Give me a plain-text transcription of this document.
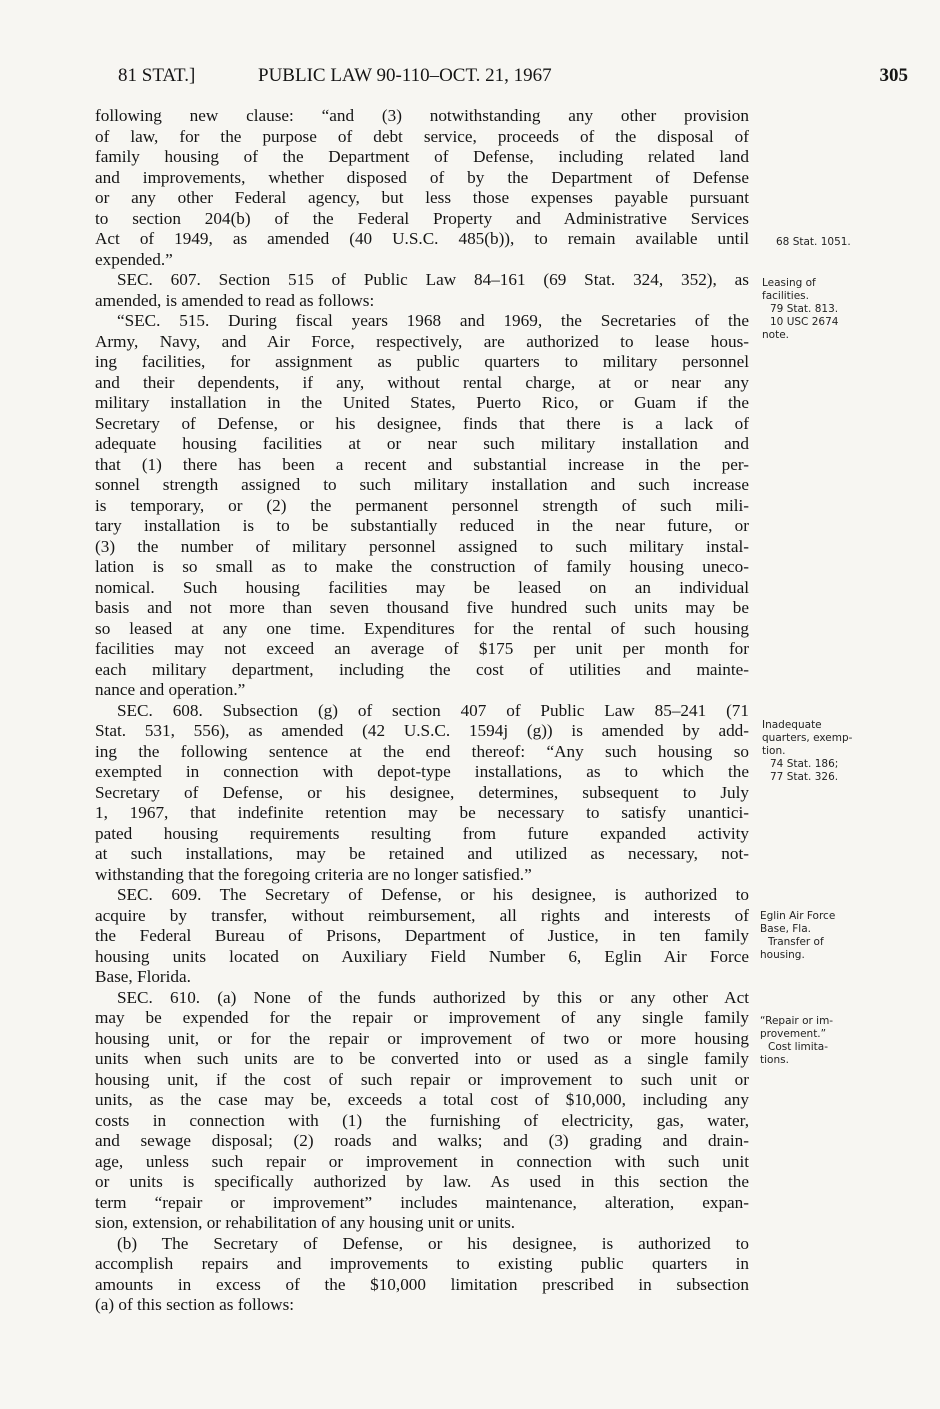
81 STAT.]	PUBLIC LAW 90-110–OCT. 21, 1967	305
following new clause: “and (3) notwithstanding any other provision
of law, for the purpose of debt service, proceeds of the disposal of
family housing of the Department of Defense, including related land
and improvements, whether disposed of by the Department of Defense
or any other Federal agency, but less those expenses payable pursuant
to section 204(b) of the Federal Property and Administrative Services
Act of 1949, as amended (40 U.S.C. 485(b)), to remain available until
expended.”
SEC. 607. Section 515 of Public Law 84–161 (69 Stat. 324, 352), as
amended, is amended to read as follows:
“SEC. 515. During fiscal years 1968 and 1969, the Secretaries of the
Army, Navy, and Air Force, respectively, are authorized to lease hous-
ing facilities, for assignment as public quarters to military personnel
and their dependents, if any, without rental charge, at or near any
military installation in the United States, Puerto Rico, or Guam if the
Secretary of Defense, or his designee, finds that there is a lack of
adequate housing facilities at or near such military installation and
that (1) there has been a recent and substantial increase in the per-
sonnel strength assigned to such military installation and such increase
is temporary, or (2) the permanent personnel strength of such mili-
tary installation is to be substantially reduced in the near future, or
(3) the number of military personnel assigned to such military instal-
lation is so small as to make the construction of family housing uneco-
nomical. Such housing facilities may be leased on an individual
basis and not more than seven thousand five hundred such units may be
so leased at any one time. Expenditures for the rental of such housing
facilities may not exceed an average of $175 per unit per month for
each military department, including the cost of utilities and mainte-
nance and operation.”
SEC. 608. Subsection (g) of section 407 of Public Law 85–241 (71
Stat. 531, 556), as amended (42 U.S.C. 1594j (g)) is amended by add-
ing the following sentence at the end thereof: “Any such housing so
exempted in connection with depot-type installations, as to which the
Secretary of Defense, or his designee, determines, subsequent to July
1, 1967, that indefinite retention may be necessary to satisfy unantici-
pated housing requirements resulting from future expanded activity
at such installations, may be retained and utilized as necessary, not-
withstanding that the foregoing criteria are no longer satisfied.”
SEC. 609. The Secretary of Defense, or his designee, is authorized to
acquire by transfer, without reimbursement, all rights and interests of
the Federal Bureau of Prisons, Department of Justice, in ten family
housing units located on Auxiliary Field Number 6, Eglin Air Force
Base, Florida.
SEC. 610. (a) None of the funds authorized by this or any other Act
may be expended for the repair or improvement of any single family
housing unit, or for the repair or improvement of two or more housing
units when such units are to be converted into or used as a single family
housing unit, if the cost of such repair or improvement to such unit or
units, as the case may be, exceeds a total cost of $10,000, including any
costs in connection with (1) the furnishing of electricity, gas, water,
and sewage disposal; (2) roads and walks; and (3) grading and drain-
age, unless such repair or improvement in connection with such unit
or units is specifically authorized by law. As used in this section the
term “repair or improvement” includes maintenance, alteration, expan-
sion, extension, or rehabilitation of any housing unit or units.
(b) The Secretary of Defense, or his designee, is authorized to
accomplish repairs and improvements to existing public quarters in
amounts in excess of the $10,000 limitation prescribed in subsection
(a) of this section as follows:
68 Stat. 1051.
Leasing of
facilities.
79 Stat. 813.
10 USC 2674
note.
Inadequate
quarters, exemp-
tion.
74 Stat. 186;
77 Stat. 326.
Eglin Air Force
Base, Fla.
Transfer of
housing.
“Repair or im-
provement.”
Cost limita-
tions.
